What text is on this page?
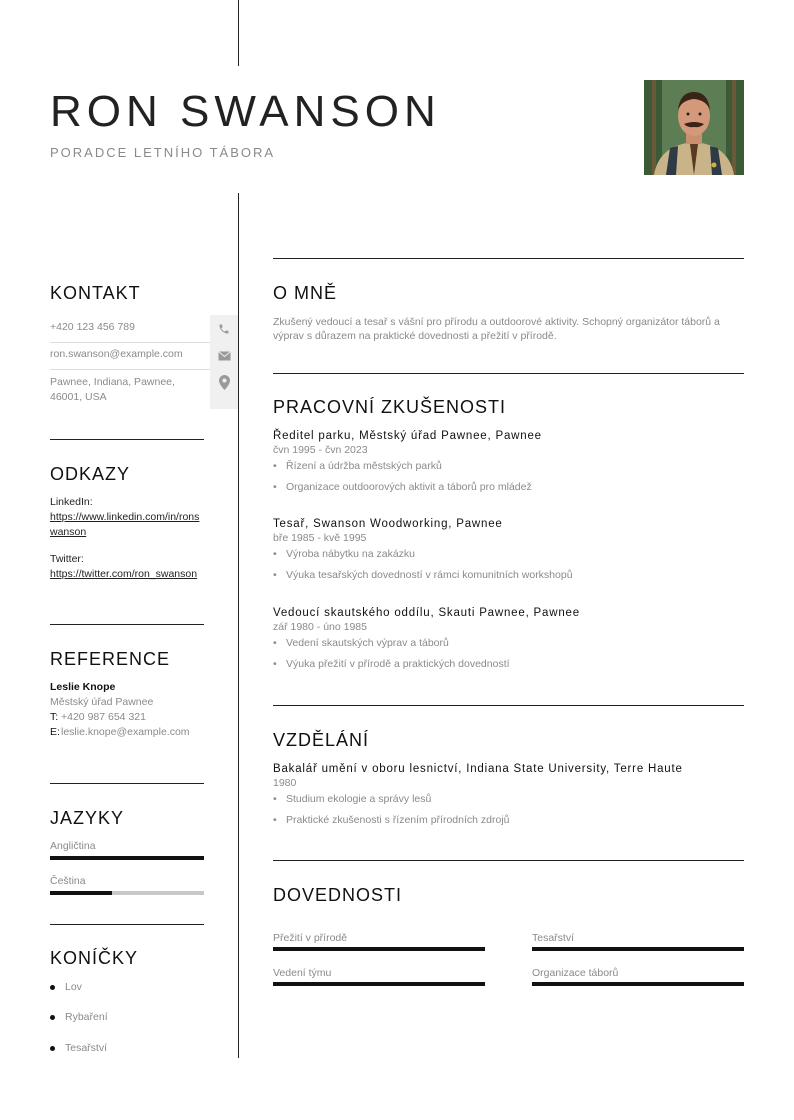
RON SWANSON
PORADCE LETNÍHO TÁBORA
KONTAKT
+420 123 456 789
ron.swanson@example.com
Pawnee, Indiana, Pawnee, 46001, USA
ODKAZY
LinkedIn:
https://www.linkedin.com/in/ronswanson
Twitter:
https://twitter.com/ron_swanson
REFERENCE
Leslie Knope
Městský úřad Pawnee
T: +420 987 654 321
E: leslie.knope@example.com
JAZYKY
Angličtina
Čeština
KONÍČKY
Lov
Rybaření
Tesařství
O MNĚ
Zkušený vedoucí a tesař s vášní pro přírodu a outdoorové aktivity. Schopný organizátor táborů a výprav s důrazem na praktické dovednosti a přežití v přírodě.
PRACOVNÍ ZKUŠENOSTI
Ředitel parku, Městský úřad Pawnee, Pawnee
čvn 1995 - čvn 2023
• Řízení a údržba městských parků
• Organizace outdoorových aktivit a táborů pro mládež
Tesař, Swanson Woodworking, Pawnee
bře 1985 - kvě 1995
• Výroba nábytku na zakázku
• Výuka tesařských dovedností v rámci komunitních workshopů
Vedoucí skautského oddílu, Skauti Pawnee, Pawnee
zář 1980 - úno 1985
• Vedení skautských výprav a táborů
• Výuka přežití v přírodě a praktických dovedností
VZDĚLÁNÍ
Bakalář umění v oboru lesnictví, Indiana State University, Terre Haute
1980
• Studium ekologie a správy lesů
• Praktické zkušenosti s řízením přírodních zdrojů
DOVEDNOSTI
Přežití v přírodě	Tesařství
Vedení týmu	Organizace táborů
